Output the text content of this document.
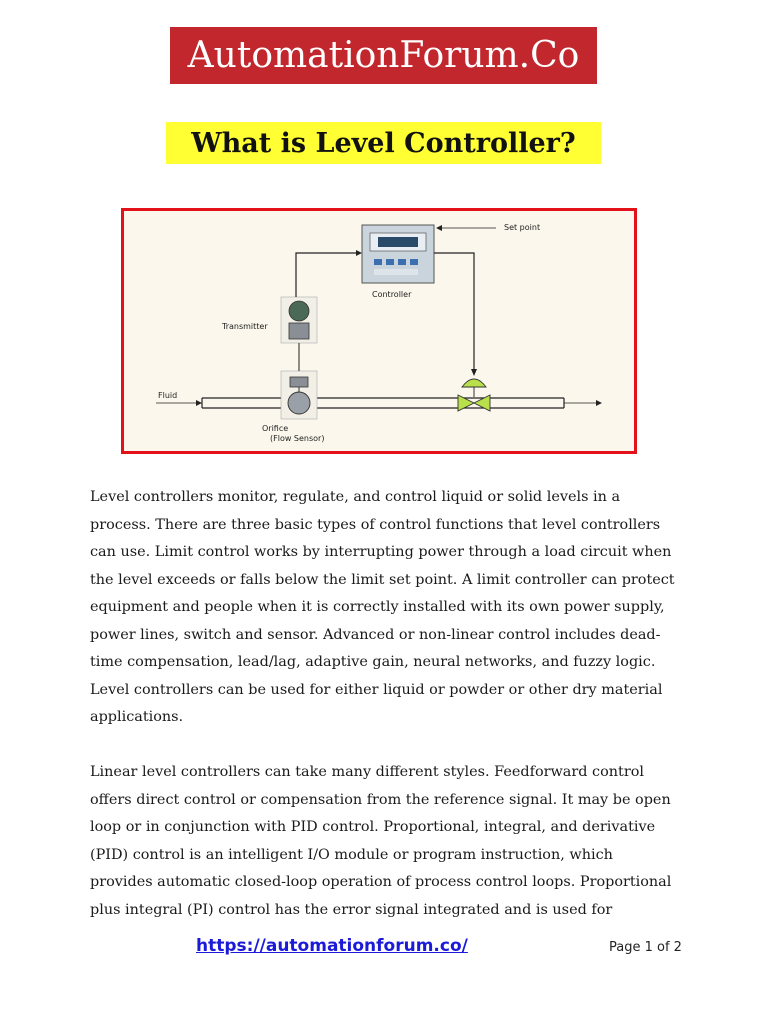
AutomationForum.Co
What is Level Controller?
Fluid
Controller
Set point
Transmitter
Orifice
(Flow Sensor)

Level controllers monitor, regulate, and control liquid or solid levels in a process. There are three basic types of control functions that level controllers can use. Limit control works by interrupting power through a load circuit when the level exceeds or falls below the limit set point. A limit controller can protect equipment and people when it is correctly installed with its own power supply, power lines, switch and sensor. Advanced or non-linear control includes dead-time compensation, lead/lag, adaptive gain, neural networks, and fuzzy logic. Level controllers can be used for either liquid or powder or other dry material applications.

Linear level controllers can take many different styles. Feedforward control offers direct control or compensation from the reference signal. It may be open loop or in conjunction with PID control. Proportional, integral, and derivative (PID) control is an intelligent I/O module or program instruction, which provides automatic closed-loop operation of process control loops. Proportional plus integral (PI) control has the error signal integrated and is used for

https://automationforum.co/	Page 1 of 2
